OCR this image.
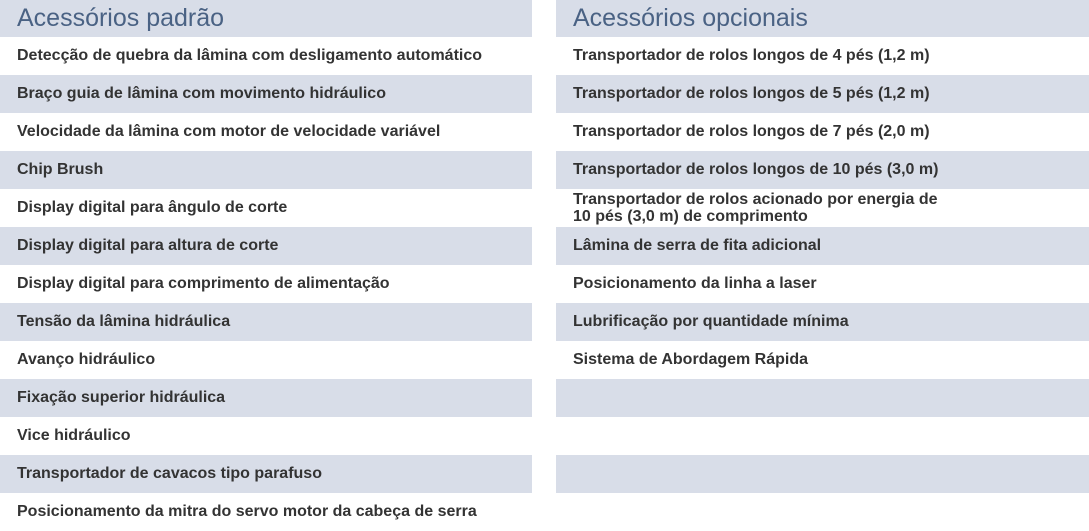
Acessórios padrão
Detecção de quebra da lâmina com desligamento automático
Braço guia de lâmina com movimento hidráulico
Velocidade da lâmina com motor de velocidade variável
Chip Brush
Display digital para ângulo de corte
Display digital para altura de corte
Display digital para comprimento de alimentação
Tensão da lâmina hidráulica
Avanço hidráulico
Fixação superior hidráulica
Vice hidráulico
Transportador de cavacos tipo parafuso
Posicionamento da mitra do servo motor da cabeça de serra
Acessórios opcionais
Transportador de rolos longos de 4 pés (1,2 m)
Transportador de rolos longos de 5 pés (1,2 m)
Transportador de rolos longos de 7 pés (2,0 m)
Transportador de rolos longos de 10 pés (3,0 m)
Transportador de rolos acionado por energia de 10 pés (3,0 m) de comprimento
Lâmina de serra de fita adicional
Posicionamento da linha a laser
Lubrificação por quantidade mínima
Sistema de Abordagem Rápida
